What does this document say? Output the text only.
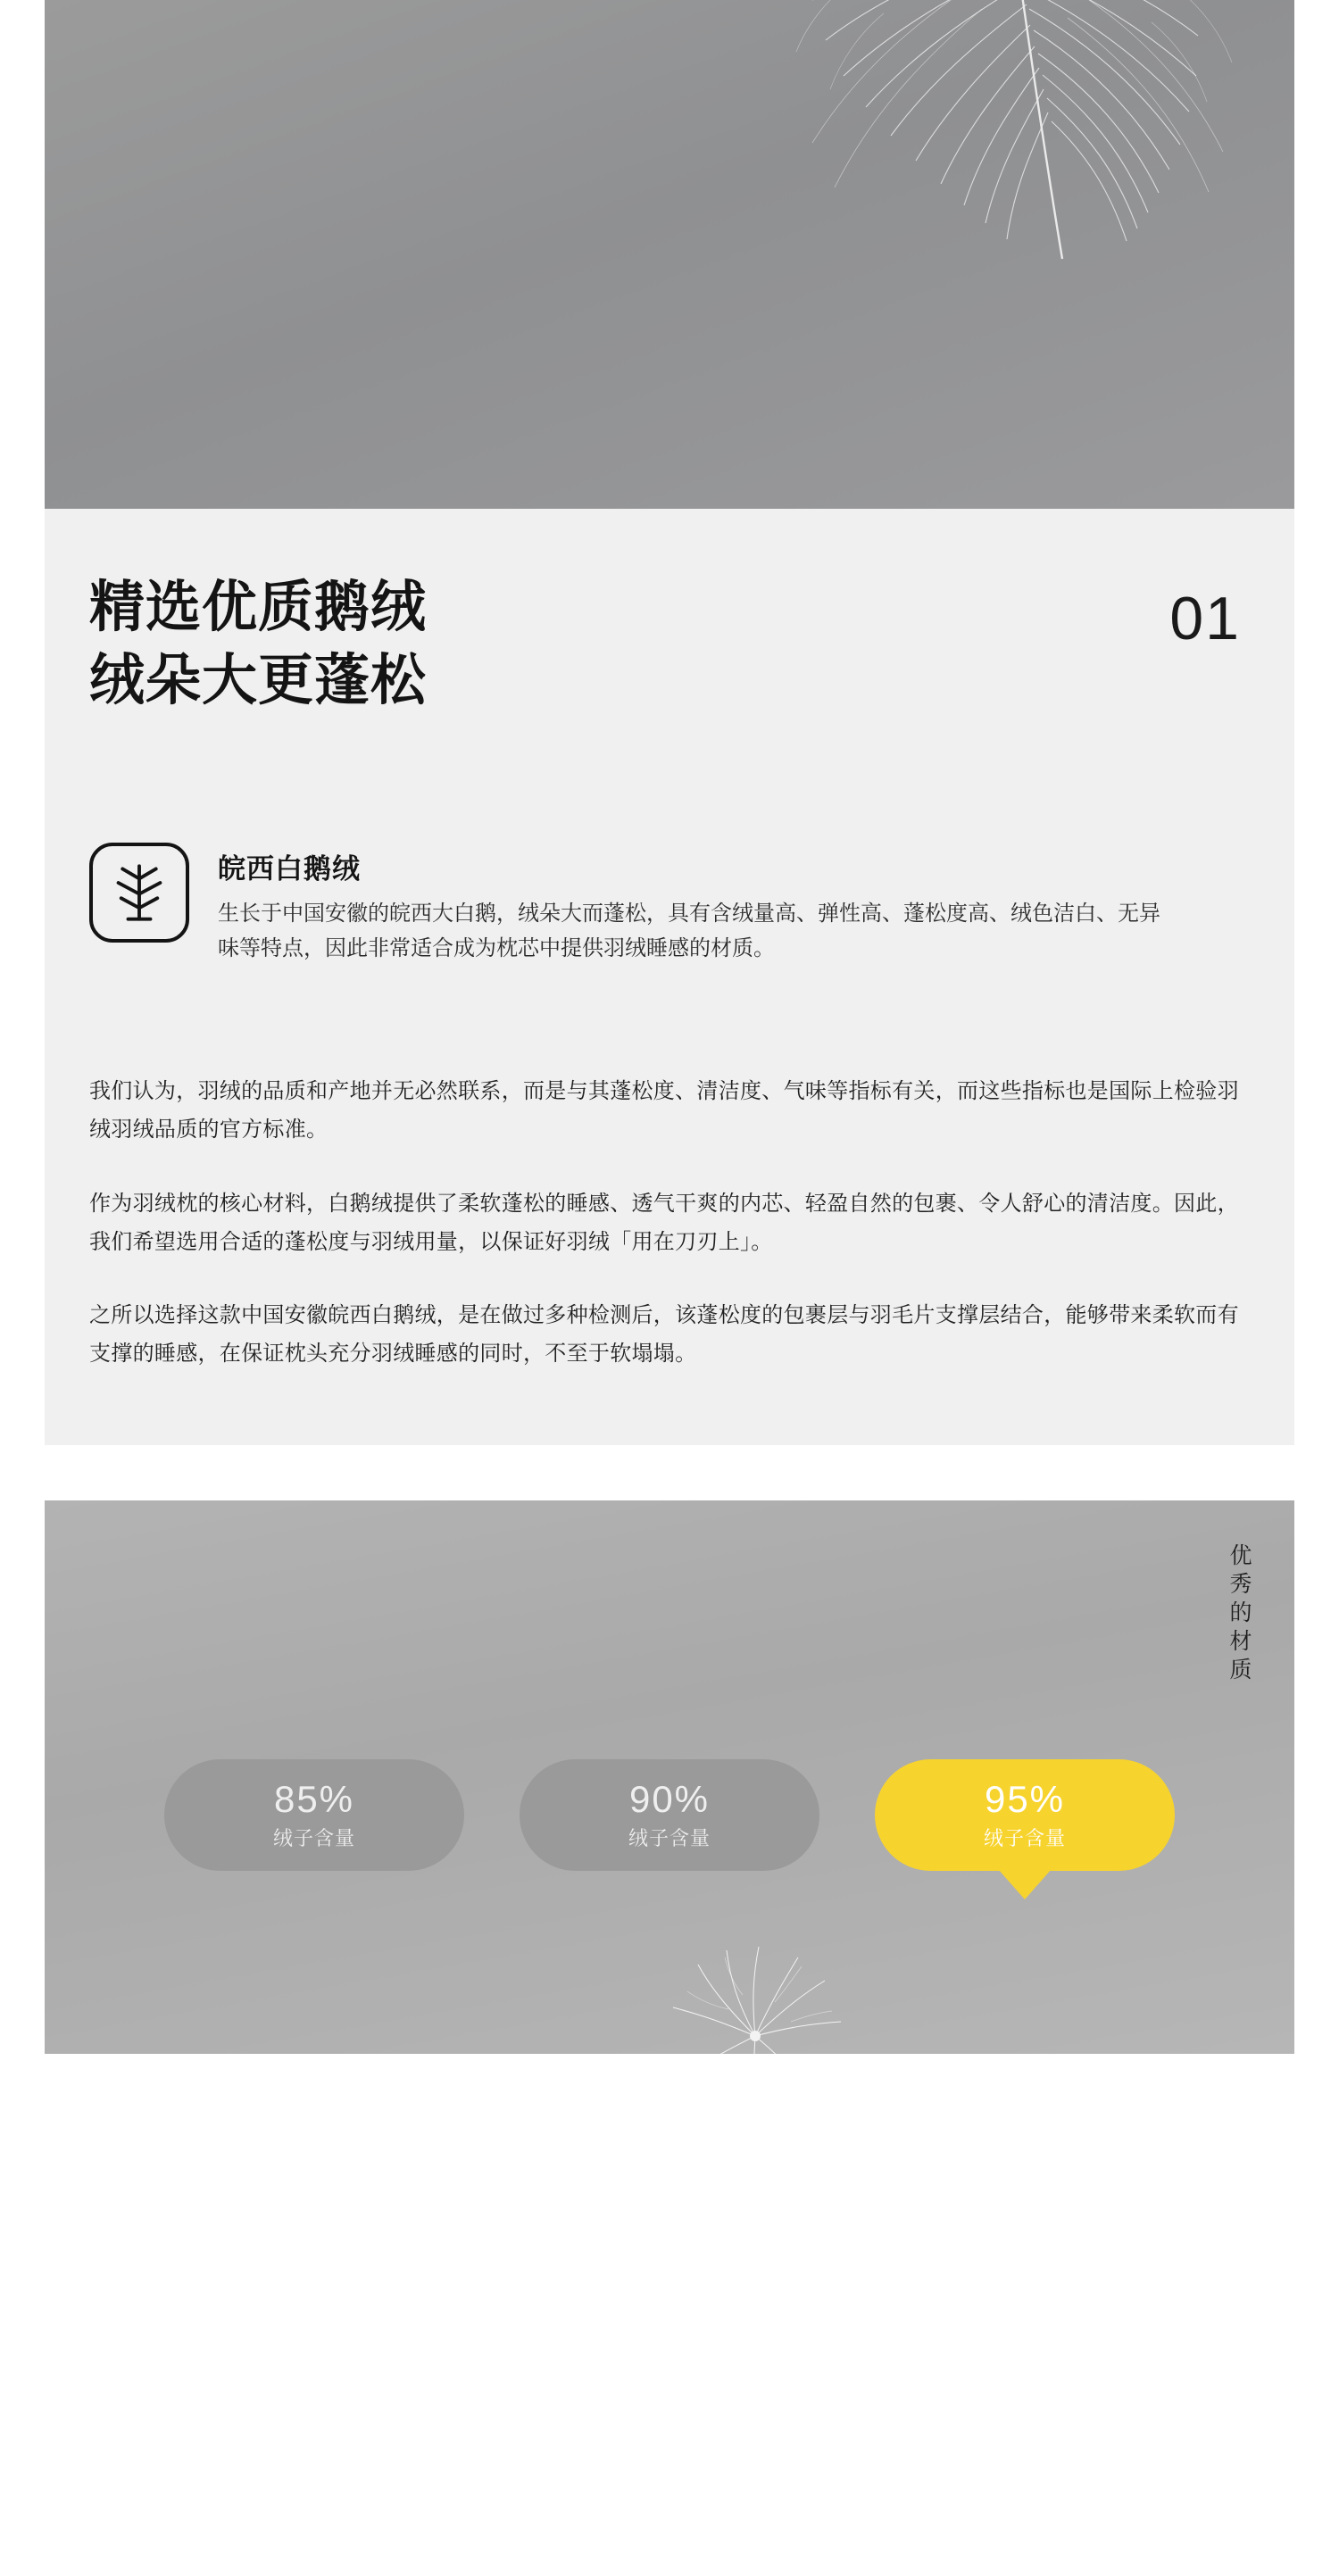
精选优质鹅绒
绒朵大更蓬松
01
皖西白鹅绒
生长于中国安徽的皖西大白鹅，绒朵大而蓬松，具有含绒量高、弹性高、蓬松度高、绒色洁白、无异味等特点，因此非常适合成为枕芯中提供羽绒睡感的材质。

我们认为，羽绒的品质和产地并无必然联系，而是与其蓬松度、清洁度、气味等指标有关，而这些指标也是国际上检验羽绒羽绒品质的官方标准。

作为羽绒枕的核心材料，白鹅绒提供了柔软蓬松的睡感、透气干爽的内芯、轻盈自然的包裹、令人舒心的清洁度。因此，我们希望选用合适的蓬松度与羽绒用量，以保证好羽绒「用在刀刃上」。

之所以选择这款中国安徽皖西白鹅绒，是在做过多种检测后，该蓬松度的包裹层与羽毛片支撑层结合，能够带来柔软而有支撑的睡感，在保证枕头充分羽绒睡感的同时，不至于软塌塌。

优秀的材质
85%
绒子含量
90%
绒子含量
95%
绒子含量
